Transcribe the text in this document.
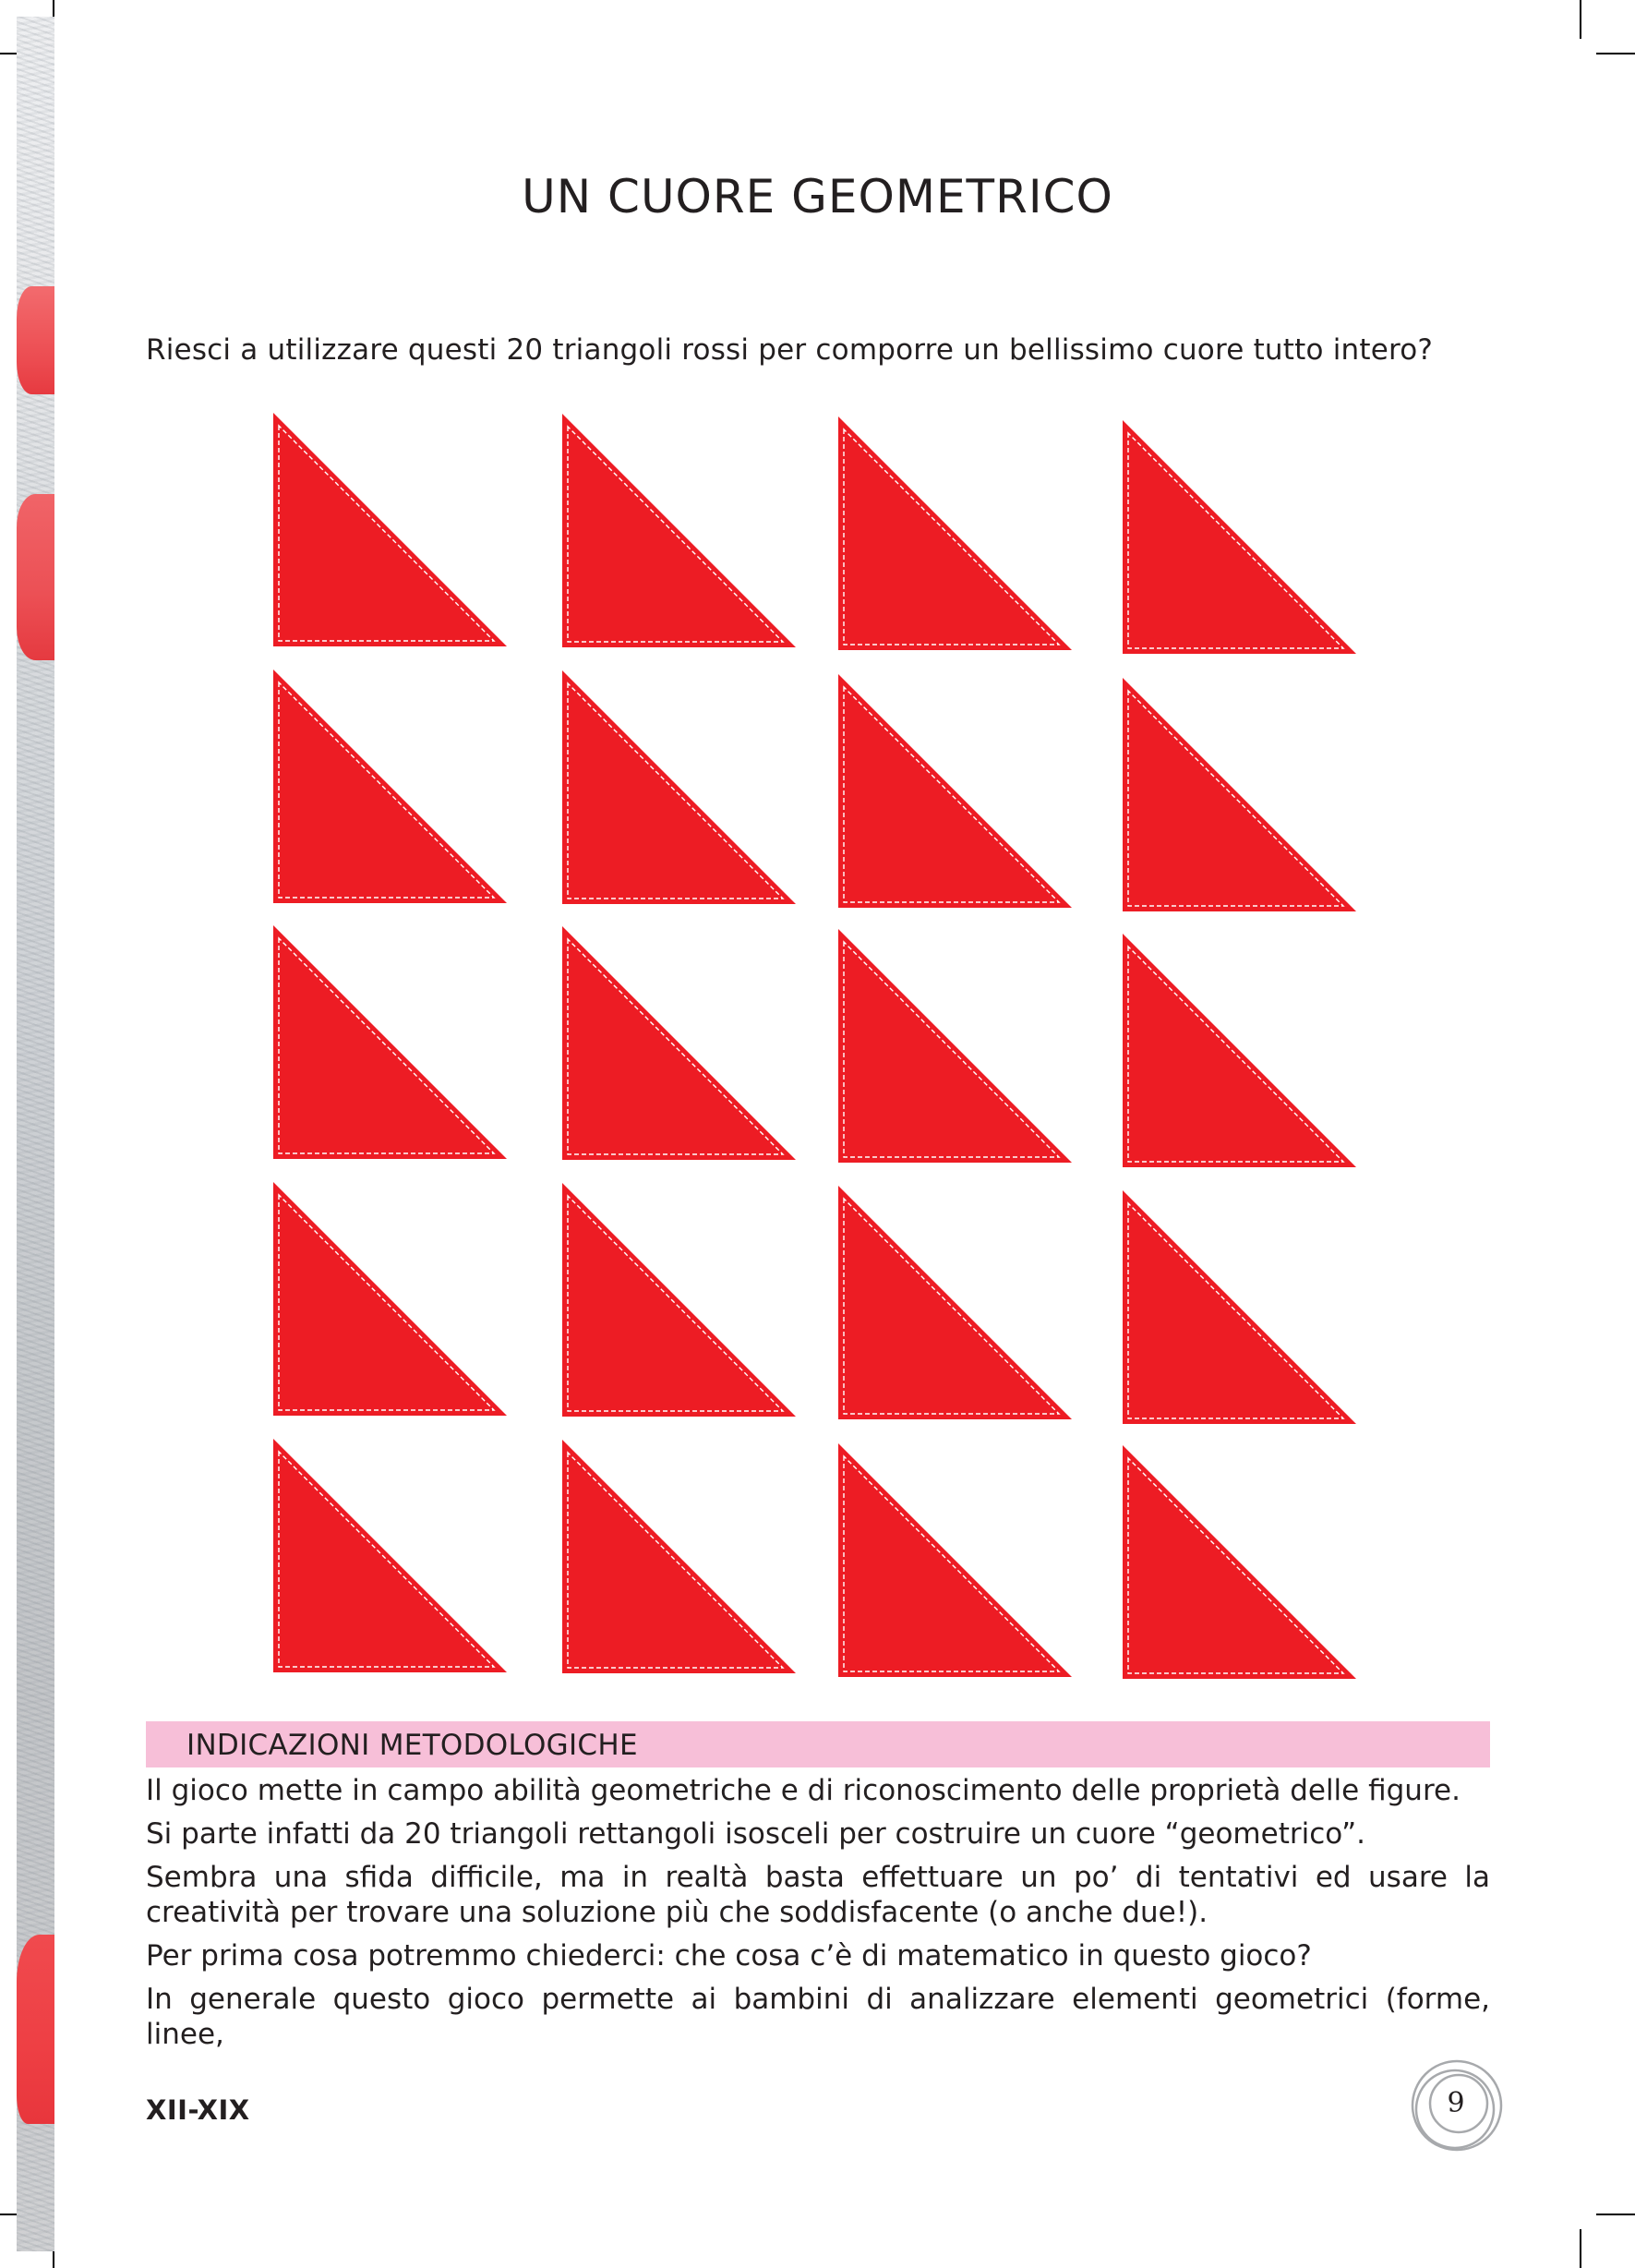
UN CUORE GEOMETRICO
Riesci a utilizzare questi 20 triangoli rossi per comporre un bellissimo cuore tutto intero?
INDICAZIONI METODOLOGICHE

Il gioco mette in campo abilità geometriche e di riconoscimento delle proprietà delle figure.

Si parte infatti da 20 triangoli rettangoli isosceli per costruire un cuore “geometrico”.

Sembra una sfida difficile, ma in realtà basta effettuare un po’ di tentativi ed usare la creatività per trovare una soluzione più che soddisfacente (o anche due!).

Per prima cosa potremmo chiederci: che cosa c’è di matematico in questo gioco?

In generale questo gioco permette ai bambini di analizzare elementi geometrici (forme, linee,

XII-XIX	9
